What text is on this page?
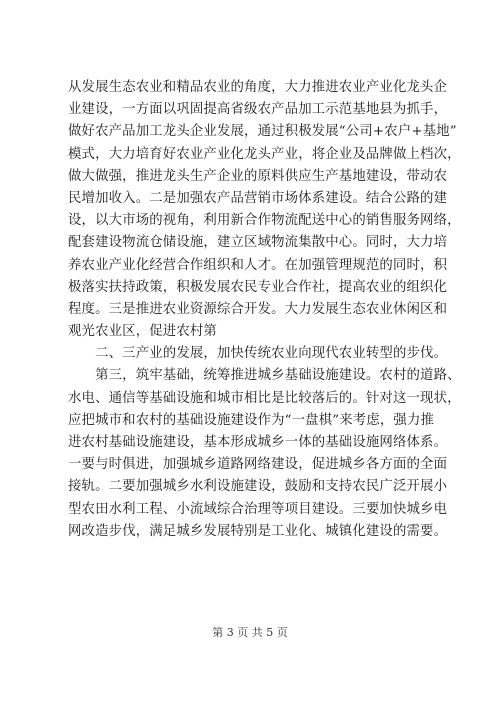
从发展生态农业和精品农业的角度，大力推进农业产业化龙头企
业建设，一方面以巩固提高省级农产品加工示范基地县为抓手，
做好农产品加工龙头企业发展，通过积极发展“公司+农户+基地”
模式，大力培育好农业产业化龙头产业，将企业及品牌做上档次，
做大做强，推进龙头生产企业的原料供应生产基地建设，带动农
民增加收入。二是加强农产品营销市场体系建设。结合公路的建
设，以大市场的视角，利用新合作物流配送中心的销售服务网络，
配套建设物流仓储设施，建立区域物流集散中心。同时，大力培
养农业产业化经营合作组织和人才。在加强管理规范的同时，积
极落实扶持政策，积极发展农民专业合作社，提高农业的组织化
程度。三是推进农业资源综合开发。大力发展生态农业休闲区和
观光农业区，促进农村第
　　二、三产业的发展，加快传统农业向现代农业转型的步伐。
　　第三，筑牢基础，统筹推进城乡基础设施建设。农村的道路、
水电、通信等基础设施和城市相比是比较落后的。针对这一现状，
应把城市和农村的基础设施建设作为“一盘棋”来考虑，强力推
进农村基础设施建设，基本形成城乡一体的基础设施网络体系。
一要与时俱进，加强城乡道路网络建设，促进城乡各方面的全面
接轨。二要加强城乡水利设施建设，鼓励和支持农民广泛开展小
型农田水利工程、小流域综合治理等项目建设。三要加快城乡电
网改造步伐，满足城乡发展特别是工业化、城镇化建设的需要。
第 3 页 共 5 页
